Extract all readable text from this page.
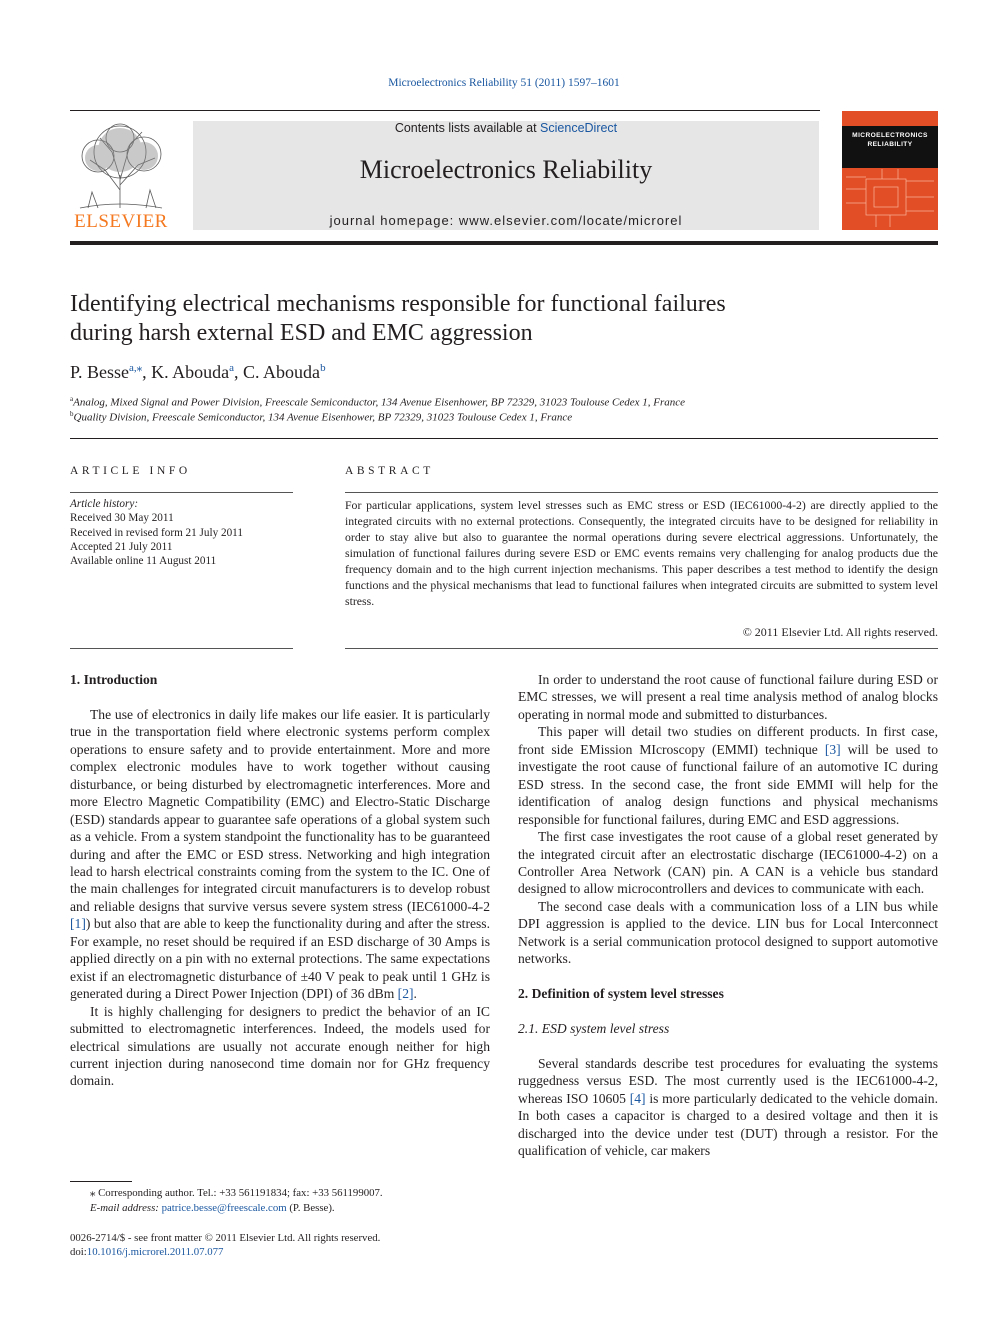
Microelectronics Reliability 51 (2011) 1597–1601
ELSEVIER
Contents lists available at ScienceDirect
Microelectronics Reliability
journal homepage: www.elsevier.com/locate/microrel
MICROELECTRONICS
RELIABILITY
Identifying electrical mechanisms responsible for functional failures
during harsh external ESD and EMC aggression
P. Besse$^{a,⁎}$, K. Abouda$^a$, C. Abouda$^b$
$^a$Analog, Mixed Signal and Power Division, Freescale Semiconductor, 134 Avenue Eisenhower, BP 72329, 31023 Toulouse Cedex 1, France
$^b$Quality Division, Freescale Semiconductor, 134 Avenue Eisenhower, BP 72329, 31023 Toulouse Cedex 1, France
ARTICLE INFO	ABSTRACT
Article history:
Received 30 May 2011
Received in revised form 21 July 2011
Accepted 21 July 2011
Available online 11 August 2011
For particular applications, system level stresses such as EMC stress or ESD (IEC61000-4-2) are directly applied to the integrated circuits with no external protections. Consequently, the integrated circuits have to be designed for reliability in order to stay alive but also to guarantee the normal operations during severe electrical aggressions. Unfortunately, the simulation of functional failures during severe ESD or EMC events remains very challenging for analog products due the frequency domain and to the high current injection mechanisms. This paper describes a test method to identify the design functions and the physical mechanisms that lead to functional failures when integrated circuits are submitted to system level stress.
© 2011 Elsevier Ltd. All rights reserved.
1. Introduction

The use of electronics in daily life makes our life easier. It is particularly true in the transportation field where electronic systems perform complex operations to ensure safety and to provide entertainment. More and more complex electronic modules have to work together without causing disturbance, or being disturbed by electromagnetic interferences. More and more Electro Magnetic Compatibility (EMC) and Electro-Static Discharge (ESD) standards appear to guarantee safe operations of a global system such as a vehicle. From a system standpoint the functionality has to be guaranteed during and after the EMC or ESD stress. Networking and high integration lead to harsh electrical constraints coming from the system to the IC. One of the main challenges for integrated circuit manufacturers is to develop robust and reliable designs that survive versus severe system stress (IEC61000-4-2 [1]) but also that are able to keep the functionality during and after the stress. For example, no reset should be required if an ESD discharge of 30 Amps is applied directly on a pin with no external protections. The same expectations exist if an electromagnetic disturbance of ±40 V peak to peak until 1 GHz is generated during a Direct Power Injection (DPI) of 36 dBm [2].

It is highly challenging for designers to predict the behavior of an IC submitted to electromagnetic interferences. Indeed, the models used for electrical simulations are usually not accurate enough neither for high current injection during nanosecond time domain nor for GHz frequency domain.

In order to understand the root cause of functional failure during ESD or EMC stresses, we will present a real time analysis method of analog blocks operating in normal mode and submitted to disturbances.

This paper will detail two studies on different products. In first case, front side EMission MIcroscopy (EMMI) technique [3] will be used to investigate the root cause of functional failure of an automotive IC during ESD stress. In the second case, the front side EMMI will help for the identification of analog design functions and physical mechanisms responsible for functional failures, during EMC and ESD aggressions.

The first case investigates the root cause of a global reset generated by the integrated circuit after an electrostatic discharge (IEC61000-4-2) on a Controller Area Network (CAN) pin. A CAN is a vehicle bus standard designed to allow microcontrollers and devices to communicate with each.

The second case deals with a communication loss of a LIN bus while DPI aggression is applied to the device. LIN bus for Local Interconnect Network is a serial communication protocol designed to support automotive networks.

2. Definition of system level stresses
2.1. ESD system level stress

Several standards describe test procedures for evaluating the systems ruggedness versus ESD. The most currently used is the IEC61000-4-2, whereas ISO 10605 [4] is more particularly dedicated to the vehicle domain. In both cases a capacitor is charged to a desired voltage and then it is discharged into the device under test (DUT) through a resistor. For the qualification of vehicle, car makers

⁎ Corresponding author. Tel.: +33 561191834; fax: +33 561199007.
E-mail address: patrice.besse@freescale.com (P. Besse).
0026-2714/$ - see front matter © 2011 Elsevier Ltd. All rights reserved.
doi:10.1016/j.microrel.2011.07.077
